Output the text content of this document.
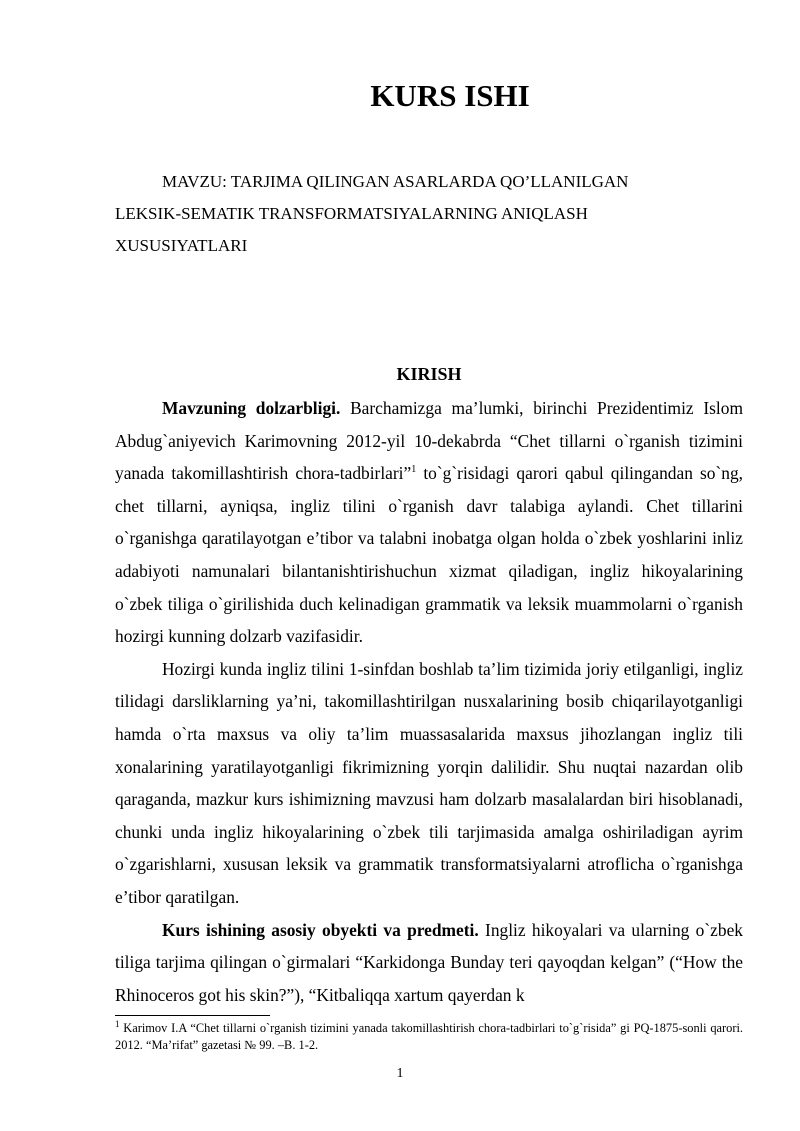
KURS ISHI

MAVZU: TARJIMA QILINGAN ASARLARDA QO’LLANILGAN
LEKSIK-SEMATIK TRANSFORMATSIYALARNING ANIQLASH
XUSUSIYATLARI

KIRISH

Mavzuning dolzarbligi. Barchamizga ma’lumki, birinchi Prezidentimiz Islom Abdug`aniyevich Karimovning 2012-yil 10-dekabrda “Chet tillarni o`rganish tizimini yanada takomillashtirish chora-tadbirlari”$^1$ to`g`risidagi qarori qabul qilingandan so`ng, chet tillarni, ayniqsa, ingliz tilini o`rganish davr talabiga aylandi. Chet tillarini o`rganishga qaratilayotgan e’tibor va talabni inobatga olgan holda o`zbek yoshlarini inliz adabiyoti namunalari bilantanishtirishuchun xizmat qiladigan, ingliz hikoyalarining o`zbek tiliga o`girilishida duch kelinadigan grammatik va leksik muammolarni o`rganish hozirgi kunning dolzarb vazifasidir.

Hozirgi kunda ingliz tilini 1-sinfdan boshlab ta’lim tizimida joriy etilganligi, ingliz tilidagi darsliklarning ya’ni, takomillashtirilgan nusxalarining bosib chiqarilayotganligi hamda o`rta maxsus va oliy ta’lim muassasalarida maxsus jihozlangan ingliz tili xonalarining yaratilayotganligi fikrimizning yorqin dalilidir. Shu nuqtai nazardan olib qaraganda, mazkur kurs ishimizning mavzusi ham dolzarb masalalardan biri hisoblanadi, chunki unda ingliz hikoyalarining o`zbek tili tarjimasida amalga oshiriladigan ayrim o`zgarishlarni, xususan leksik va grammatik transformatsiyalarni atroflicha o`rganishga e’tibor qaratilgan.

Kurs ishining asosiy obyekti va predmeti. Ingliz hikoyalari va ularning o`zbek tiliga tarjima qilingan o`girmalari “Karkidonga Bunday teri qayoqdan kelgan” (“How the Rhinoceros got his skin?”), “Kitbaliqqa xartum qayerdan k

$^1$ Karimov I.A “Chet tillarni o`rganish tizimini yanada takomillashtirish chora-tadbirlari to`g`risida” gi PQ-1875-sonli qarori. 2012. “Ma’rifat” gazetasi № 99. –B. 1-2.

1
